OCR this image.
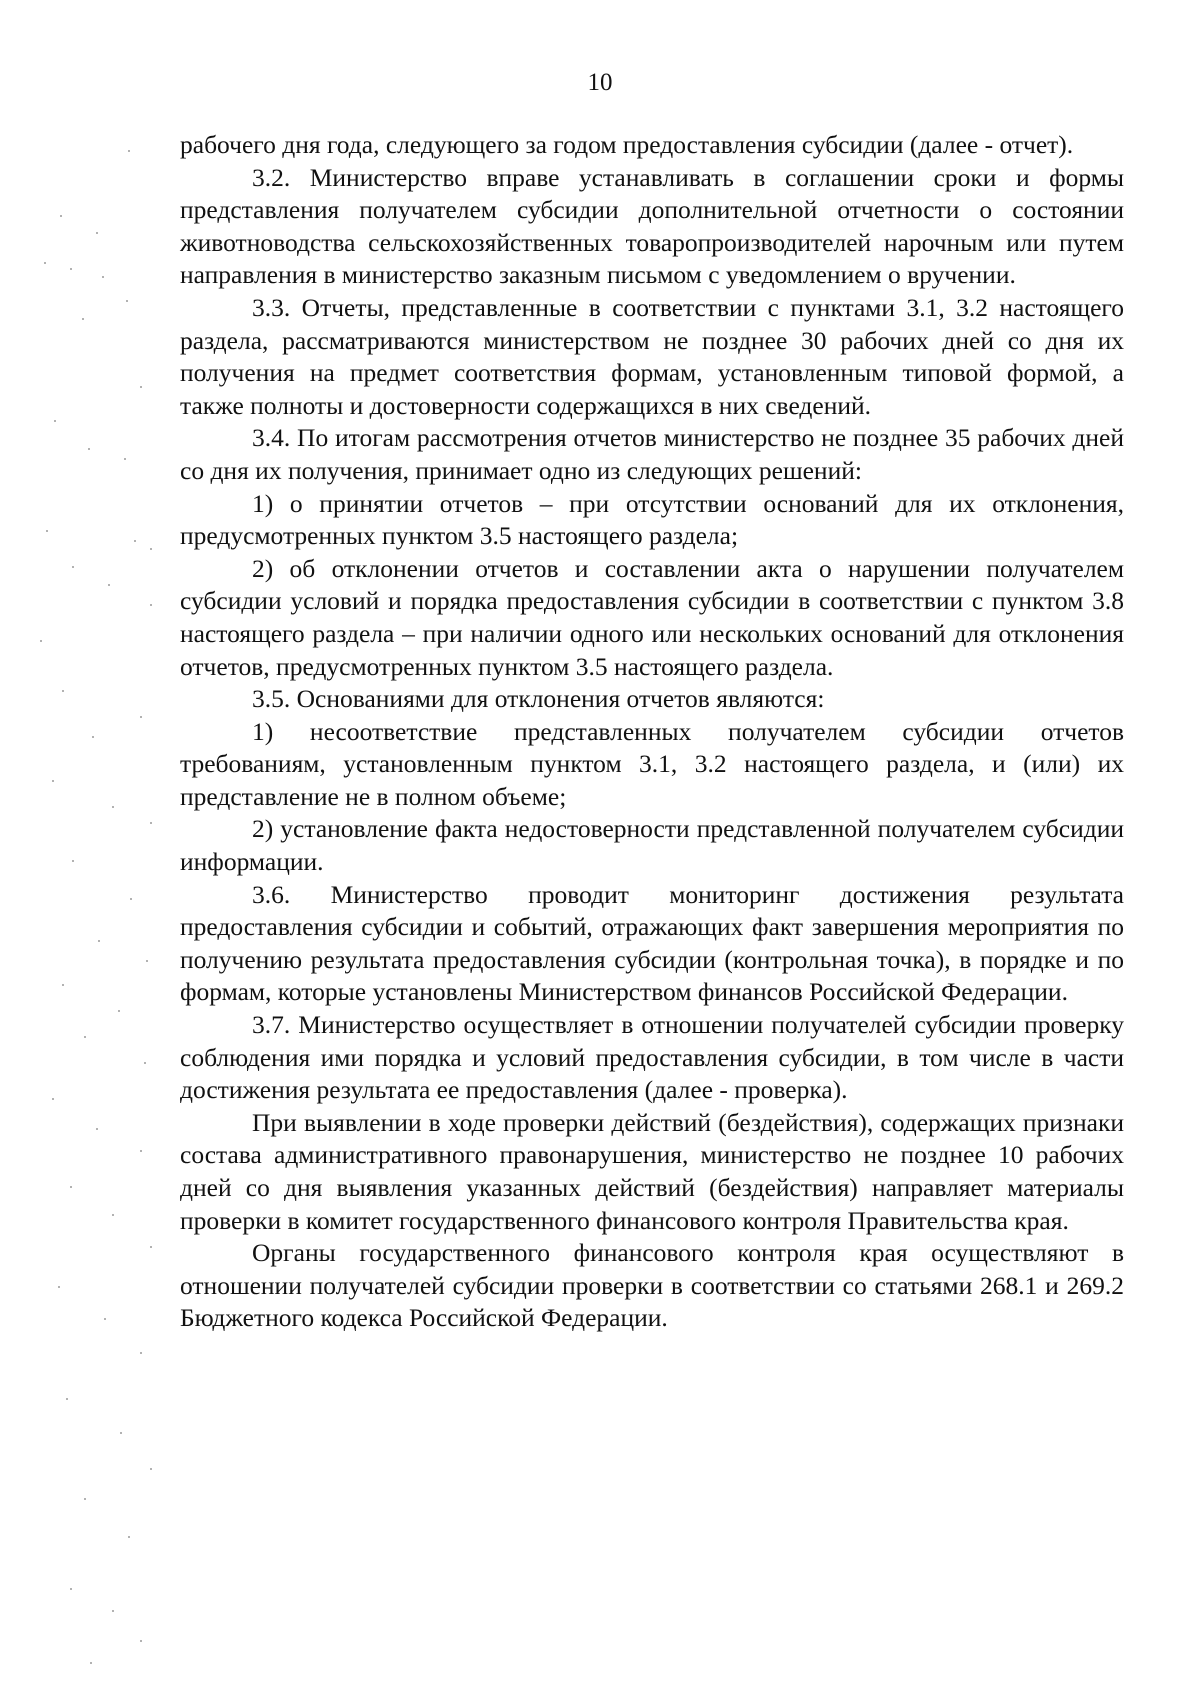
10

рабочего дня года, следующего за годом предоставления субсидии (далее - отчет).

3.2. Министерство вправе устанавливать в соглашении сроки и формы представления получателем субсидии дополнительной отчетности о состоянии животноводства сельскохозяйственных товаропроизводителей нарочным или путем направления в министерство заказным письмом с уведомлением о вручении.

3.3. Отчеты, представленные в соответствии с пунктами 3.1, 3.2 настоящего раздела, рассматриваются министерством не позднее 30 рабочих дней со дня их получения на предмет соответствия формам, установленным типовой формой, а также полноты и достоверности содержащихся в них сведений.

3.4. По итогам рассмотрения отчетов министерство не позднее 35 рабочих дней со дня их получения, принимает одно из следующих решений:

1) о принятии отчетов – при отсутствии оснований для их отклонения, предусмотренных пунктом 3.5 настоящего раздела;

2) об отклонении отчетов и составлении акта о нарушении получателем субсидии условий и порядка предоставления субсидии в соответствии с пунктом 3.8 настоящего раздела – при наличии одного или нескольких оснований для отклонения отчетов, предусмотренных пунктом 3.5 настоящего раздела.

3.5. Основаниями для отклонения отчетов являются:

1) несоответствие представленных получателем субсидии отчетов требованиям, установленным пунктом 3.1, 3.2 настоящего раздела, и (или) их представление не в полном объеме;

2) установление факта недостоверности представленной получателем субсидии информации.

3.6. Министерство проводит мониторинг достижения результата предоставления субсидии и событий, отражающих факт завершения мероприятия по получению результата предоставления субсидии (контрольная точка), в порядке и по формам, которые установлены Министерством финансов Российской Федерации.

3.7. Министерство осуществляет в отношении получателей субсидии проверку соблюдения ими порядка и условий предоставления субсидии, в том числе в части достижения результата ее предоставления (далее - проверка).

При выявлении в ходе проверки действий (бездействия), содержащих признаки состава административного правонарушения, министерство не позднее 10 рабочих дней со дня выявления указанных действий (бездействия) направляет материалы проверки в комитет государственного финансового контроля Правительства края.

Органы государственного финансового контроля края осуществляют в отношении получателей субсидии проверки в соответствии со статьями 268.1 и 269.2 Бюджетного кодекса Российской Федерации.
